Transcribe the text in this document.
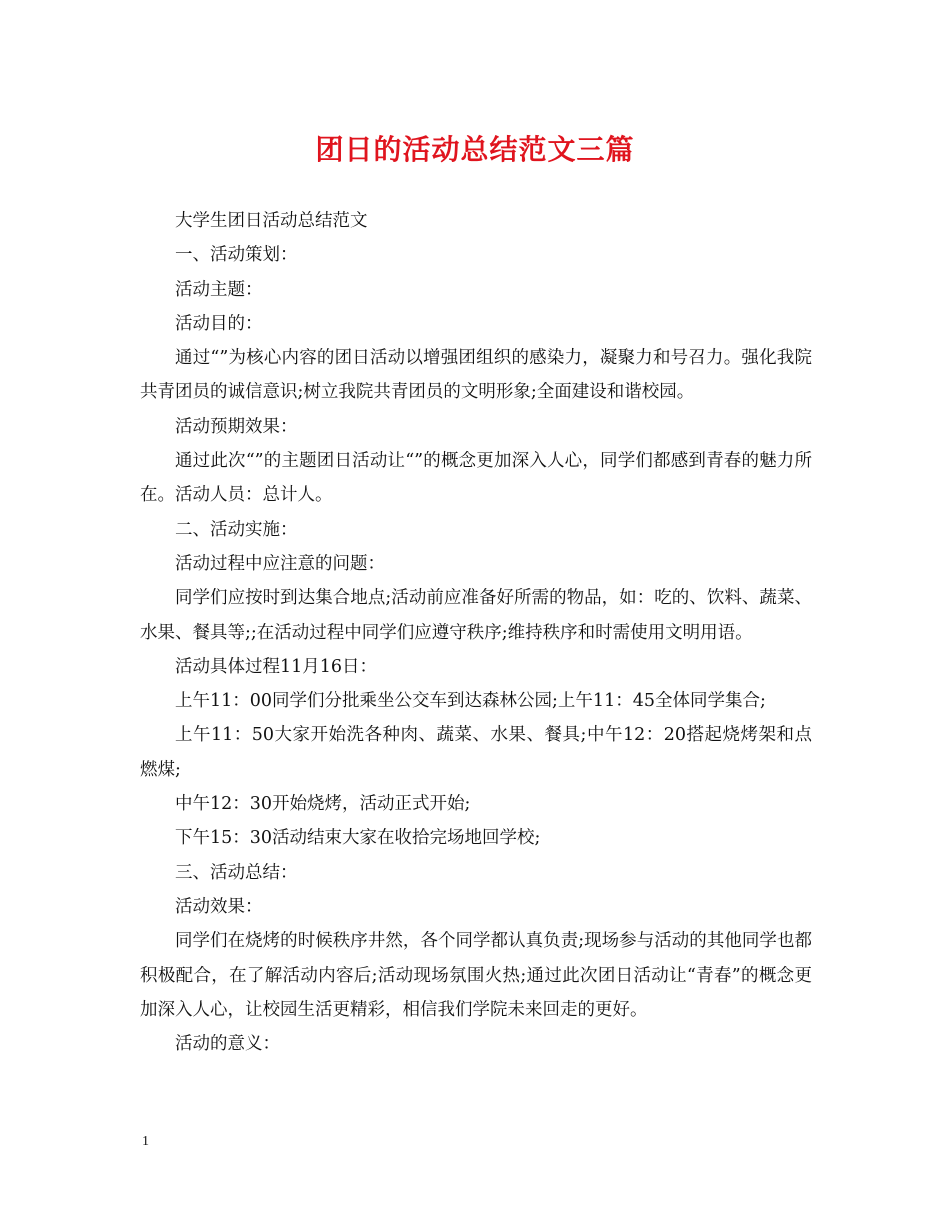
团日的活动总结范文三篇

大学生团日活动总结范文

一、活动策划：

活动主题：

活动目的：

通过“”为核心内容的团日活动以增强团组织的感染力，凝聚力和号召力。强化我院共青团员的诚信意识;树立我院共青团员的文明形象;全面建设和谐校园。

活动预期效果：

通过此次“”的主题团日活动让“”的概念更加深入人心，同学们都感到青春的魅力所在。活动人员：总计人。

二、活动实施：

活动过程中应注意的问题：

同学们应按时到达集合地点;活动前应准备好所需的物品，如：吃的、饮料、蔬菜、水果、餐具等;;在活动过程中同学们应遵守秩序;维持秩序和时需使用文明用语。

活动具体过程11月16日：

上午11：00同学们分批乘坐公交车到达森林公园;上午11：45全体同学集合;

上午11：50大家开始洗各种肉、蔬菜、水果、餐具;中午12：20搭起烧烤架和点燃煤;

中午12：30开始烧烤，活动正式开始;

下午15：30活动结束大家在收拾完场地回学校;

三、活动总结：

活动效果：

同学们在烧烤的时候秩序井然，各个同学都认真负责;现场参与活动的其他同学也都积极配合，在了解活动内容后;活动现场氛围火热;通过此次团日活动让“青春”的概念更加深入人心，让校园生活更精彩，相信我们学院未来回走的更好。

活动的意义：

1
